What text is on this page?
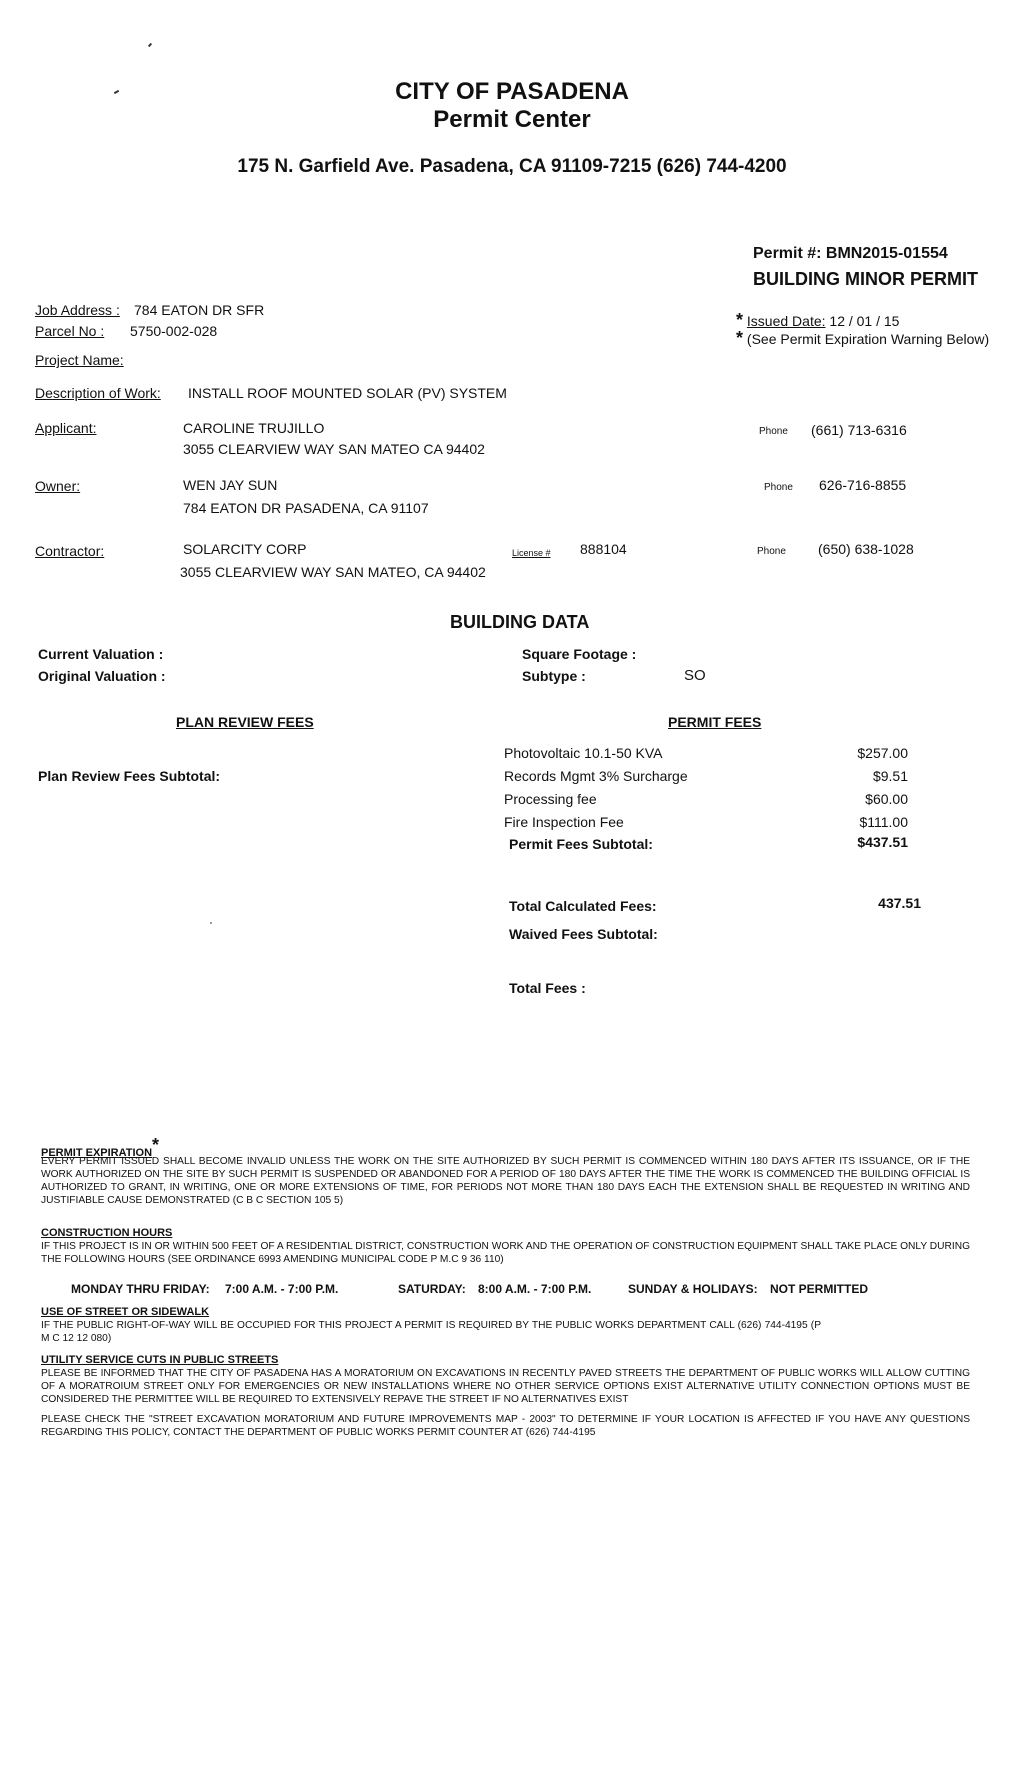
CITY OF PASADENA
Permit Center
175 N. Garfield Ave. Pasadena, CA 91109-7215 (626) 744-4200
Permit #: BMN2015-01554
BUILDING MINOR PERMIT
* Issued Date: 12 / 01 / 15
* (See Permit Expiration Warning Below)
Job Address : 784 EATON DR SFR
Parcel No : 5750-002-028
Project Name:
Description of Work: INSTALL ROOF MOUNTED SOLAR (PV) SYSTEM
Applicant:	CAROLINE TRUJILLO
3055 CLEARVIEW WAY SAN MATEO CA 94402
Phone (661) 713-6316
Owner:	WEN JAY SUN
784 EATON DR PASADENA, CA 91107
Phone 626-716-8855
Contractor:	SOLARCITY CORP
3055 CLEARVIEW WAY SAN MATEO, CA 94402
License # 888104	Phone (650) 638-1028
BUILDING DATA
Current Valuation :
Original Valuation :
Square Footage :
Subtype :	SO
PLAN REVIEW FEES
Plan Review Fees Subtotal:
PERMIT FEES
Photovoltaic 10.1-50 KVA	$257.00
Records Mgmt 3% Surcharge	$9.51
Processing fee	$60.00
Fire Inspection Fee	$111.00
Permit Fees Subtotal:	$437.51
Total Calculated Fees:	437.51
Waived Fees Subtotal:
Total Fees :
PERMIT EXPIRATION*
EVERY PERMIT ISSUED SHALL BECOME INVALID UNLESS THE WORK ON THE SITE AUTHORIZED BY SUCH PERMIT IS COMMENCED WITHIN 180 DAYS AFTER ITS ISSUANCE, OR IF THE WORK AUTHORIZED ON THE SITE BY SUCH PERMIT IS SUSPENDED OR ABANDONED FOR A PERIOD OF 180 DAYS AFTER THE TIME THE WORK IS COMMENCED THE BUILDING OFFICIAL IS AUTHORIZED TO GRANT, IN WRITING, ONE OR MORE EXTENSIONS OF TIME, FOR PERIODS NOT MORE THAN 180 DAYS EACH THE EXTENSION SHALL BE REQUESTED IN WRITING AND JUSTIFIABLE CAUSE DEMONSTRATED (C B C SECTION 105 5)
CONSTRUCTION HOURS
IF THIS PROJECT IS IN OR WITHIN 500 FEET OF A RESIDENTIAL DISTRICT, CONSTRUCTION WORK AND THE OPERATION OF CONSTRUCTION EQUIPMENT SHALL TAKE PLACE ONLY DURING THE FOLLOWING HOURS (SEE ORDINANCE 6993 AMENDING MUNICIPAL CODE P M.C 9 36 110)
MONDAY THRU FRIDAY: 7:00 A.M. - 7:00 P.M.	SATURDAY: 8:00 A.M. - 7:00 P.M.	SUNDAY & HOLIDAYS: NOT PERMITTED
USE OF STREET OR SIDEWALK
IF THE PUBLIC RIGHT-OF-WAY WILL BE OCCUPIED FOR THIS PROJECT A PERMIT IS REQUIRED BY THE PUBLIC WORKS DEPARTMENT CALL (626) 744-4195 (P M C 12 12 080)
UTILITY SERVICE CUTS IN PUBLIC STREETS
PLEASE BE INFORMED THAT THE CITY OF PASADENA HAS A MORATORIUM ON EXCAVATIONS IN RECENTLY PAVED STREETS THE DEPARTMENT OF PUBLIC WORKS WILL ALLOW CUTTING OF A MORATROIUM STREET ONLY FOR EMERGENCIES OR NEW INSTALLATIONS WHERE NO OTHER SERVICE OPTIONS EXIST ALTERNATIVE UTILITY CONNECTION OPTIONS MUST BE CONSIDERED THE PERMITTEE WILL BE REQUIRED TO EXTENSIVELY REPAVE THE STREET IF NO ALTERNATIVES EXIST
PLEASE CHECK THE "STREET EXCAVATION MORATORIUM AND FUTURE IMPROVEMENTS MAP - 2003" TO DETERMINE IF YOUR LOCATION IS AFFECTED IF YOU HAVE ANY QUESTIONS REGARDING THIS POLICY, CONTACT THE DEPARTMENT OF PUBLIC WORKS PERMIT COUNTER AT (626) 744-4195
